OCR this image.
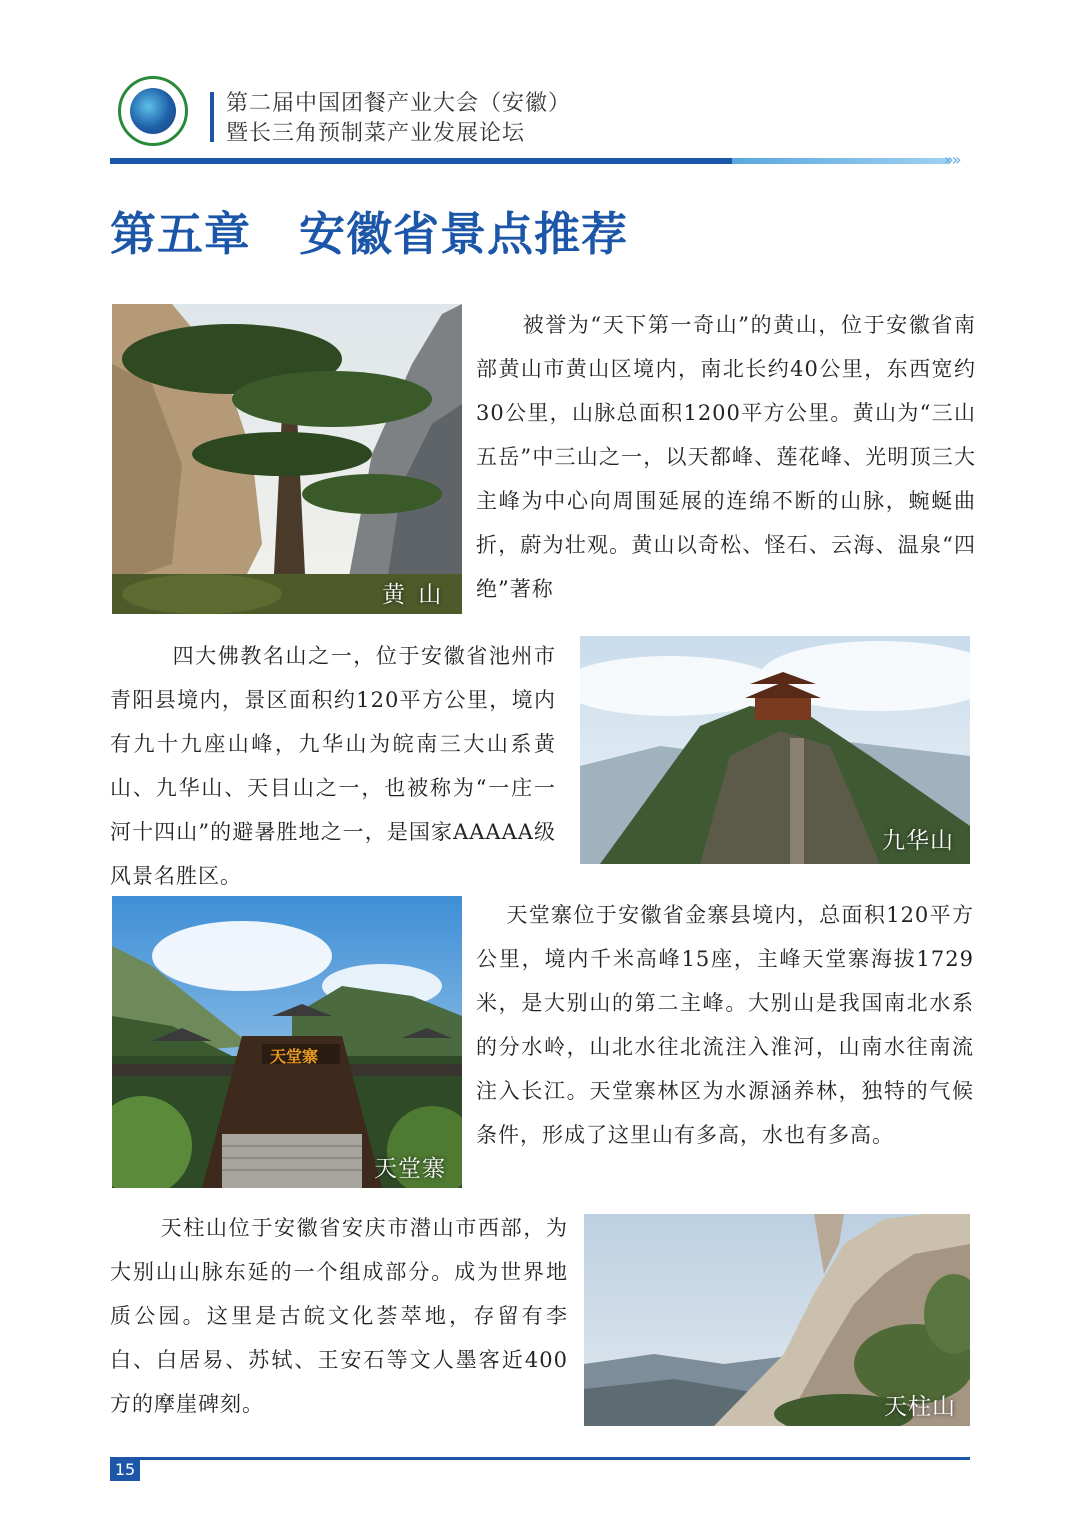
第二届中国团餐产业大会（安徽）
暨长三角预制菜产业发展论坛
»»
第五章 安徽省景点推荐
黄 山

被誉为“天下第一奇山”的黄山，位于安徽省南部黄山市黄山区境内，南北长约40公里，东西宽约30公里，山脉总面积1200平方公里。黄山为“三山五岳”中三山之一，以天都峰、莲花峰、光明顶三大主峰为中心向周围延展的连绵不断的山脉，蜿蜒曲折，蔚为壮观。黄山以奇松、怪石、云海、温泉“四绝”著称

四大佛教名山之一，位于安徽省池州市青阳县境内，景区面积约120平方公里，境内有九十九座山峰，九华山为皖南三大山系黄山、九华山、天目山之一，也被称为“一庄一河十四山”的避暑胜地之一，是国家AAAAA级风景名胜区。

九华山
天堂寨
天堂寨

天堂寨位于安徽省金寨县境内，总面积120平方公里，境内千米高峰15座，主峰天堂寨海拔1729米，是大别山的第二主峰。大别山是我国南北水系的分水岭，山北水往北流注入淮河，山南水往南流注入长江。天堂寨林区为水源涵养林，独特的气候条件，形成了这里山有多高，水也有多高。

天柱山位于安徽省安庆市潜山市西部，为大别山山脉东延的一个组成部分。成为世界地质公园。这里是古皖文化荟萃地，存留有李白、白居易、苏轼、王安石等文人墨客近400方的摩崖碑刻。	天柱山
15
